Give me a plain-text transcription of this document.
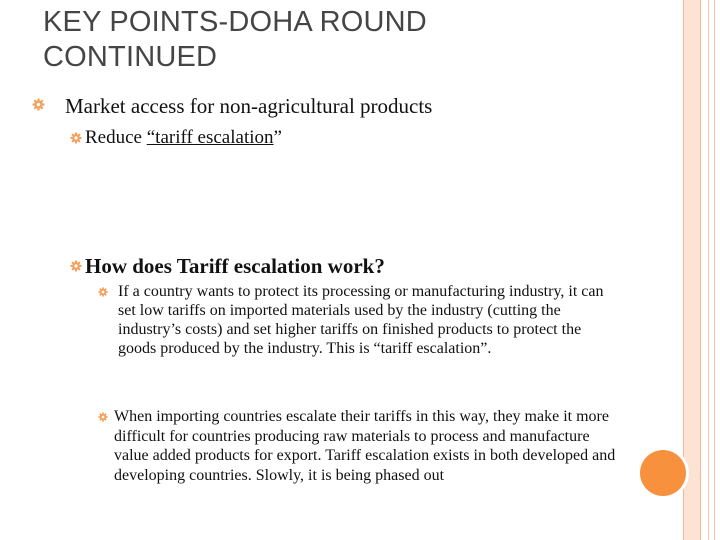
KEY POINTS-DOHA ROUND
CONTINUED
Market access for non-agricultural products
Reduce “tariff escalation”
How does Tariff escalation work?
If a country wants to protect its processing or manufacturing industry, it can set low tariffs on imported materials used by the industry (cutting the industry’s costs) and set higher tariffs on finished products to protect the goods produced by the industry. This is “tariff escalation”.
When importing countries escalate their tariffs in this way, they make it more difficult for countries producing raw materials to process and manufacture value added products for export. Tariff escalation exists in both developed and developing countries. Slowly, it is being phased out
